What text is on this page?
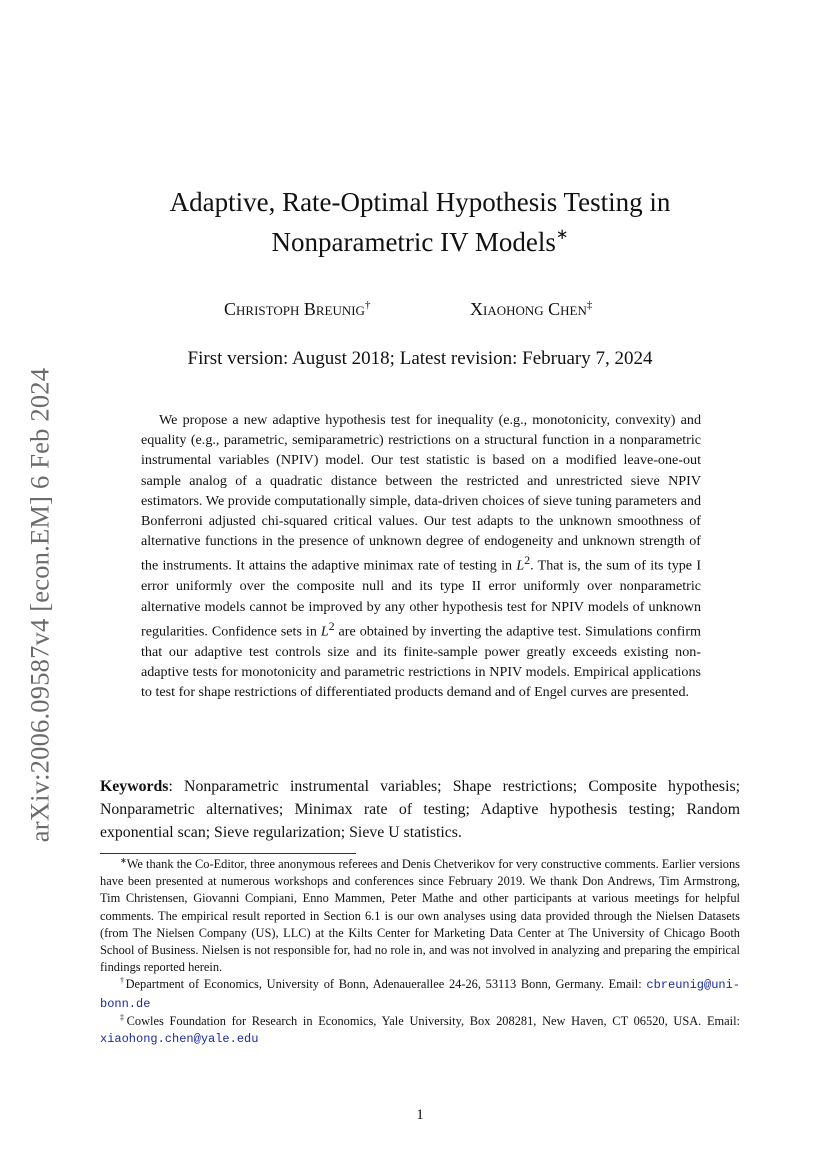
arXiv:2006.09587v4 [econ.EM] 6 Feb 2024
Adaptive, Rate-Optimal Hypothesis Testing in
Nonparametric IV Models∗
Christoph Breunig†	Xiaohong Chen‡
First version: August 2018; Latest revision: February 7, 2024

We propose a new adaptive hypothesis test for inequality (e.g., monotonicity, convexity) and equality (e.g., parametric, semiparametric) restrictions on a structural function in a nonparametric instrumental variables (NPIV) model. Our test statistic is based on a modified leave-one-out sample analog of a quadratic distance between the restricted and unrestricted sieve NPIV estimators. We provide computationally simple, data-driven choices of sieve tuning parameters and Bonferroni adjusted chi-squared critical values. Our test adapts to the unknown smoothness of alternative functions in the presence of unknown degree of endogeneity and unknown strength of the instruments. It attains the adaptive minimax rate of testing in $L^2$. That is, the sum of its type I error uniformly over the composite null and its type II error uniformly over nonparametric alternative models cannot be improved by any other hypothesis test for NPIV models of unknown regularities. Confidence sets in $L^2$ are obtained by inverting the adaptive test. Simulations confirm that our adaptive test controls size and its finite-sample power greatly exceeds existing non-adaptive tests for monotonicity and parametric restrictions in NPIV models. Empirical applications to test for shape restrictions of differentiated products demand and of Engel curves are presented.

Keywords: Nonparametric instrumental variables; Shape restrictions; Composite hypothesis; Nonparametric alternatives; Minimax rate of testing; Adaptive hypothesis testing; Random exponential scan; Sieve regularization; Sieve U statistics.

∗We thank the Co-Editor, three anonymous referees and Denis Chetverikov for very constructive comments. Earlier versions have been presented at numerous workshops and conferences since February 2019. We thank Don Andrews, Tim Armstrong, Tim Christensen, Giovanni Compiani, Enno Mammen, Peter Mathe and other participants at various meetings for helpful comments. The empirical result reported in Section 6.1 is our own analyses using data provided through the Nielsen Datasets (from The Nielsen Company (US), LLC) at the Kilts Center for Marketing Data Center at The University of Chicago Booth School of Business. Nielsen is not responsible for, had no role in, and was not involved in analyzing and preparing the empirical findings reported herein.

†Department of Economics, University of Bonn, Adenauerallee 24-26, 53113 Bonn, Germany. Email: cbreunig@uni-bonn.de

‡Cowles Foundation for Research in Economics, Yale University, Box 208281, New Haven, CT 06520, USA. Email: xiaohong.chen@yale.edu

1
